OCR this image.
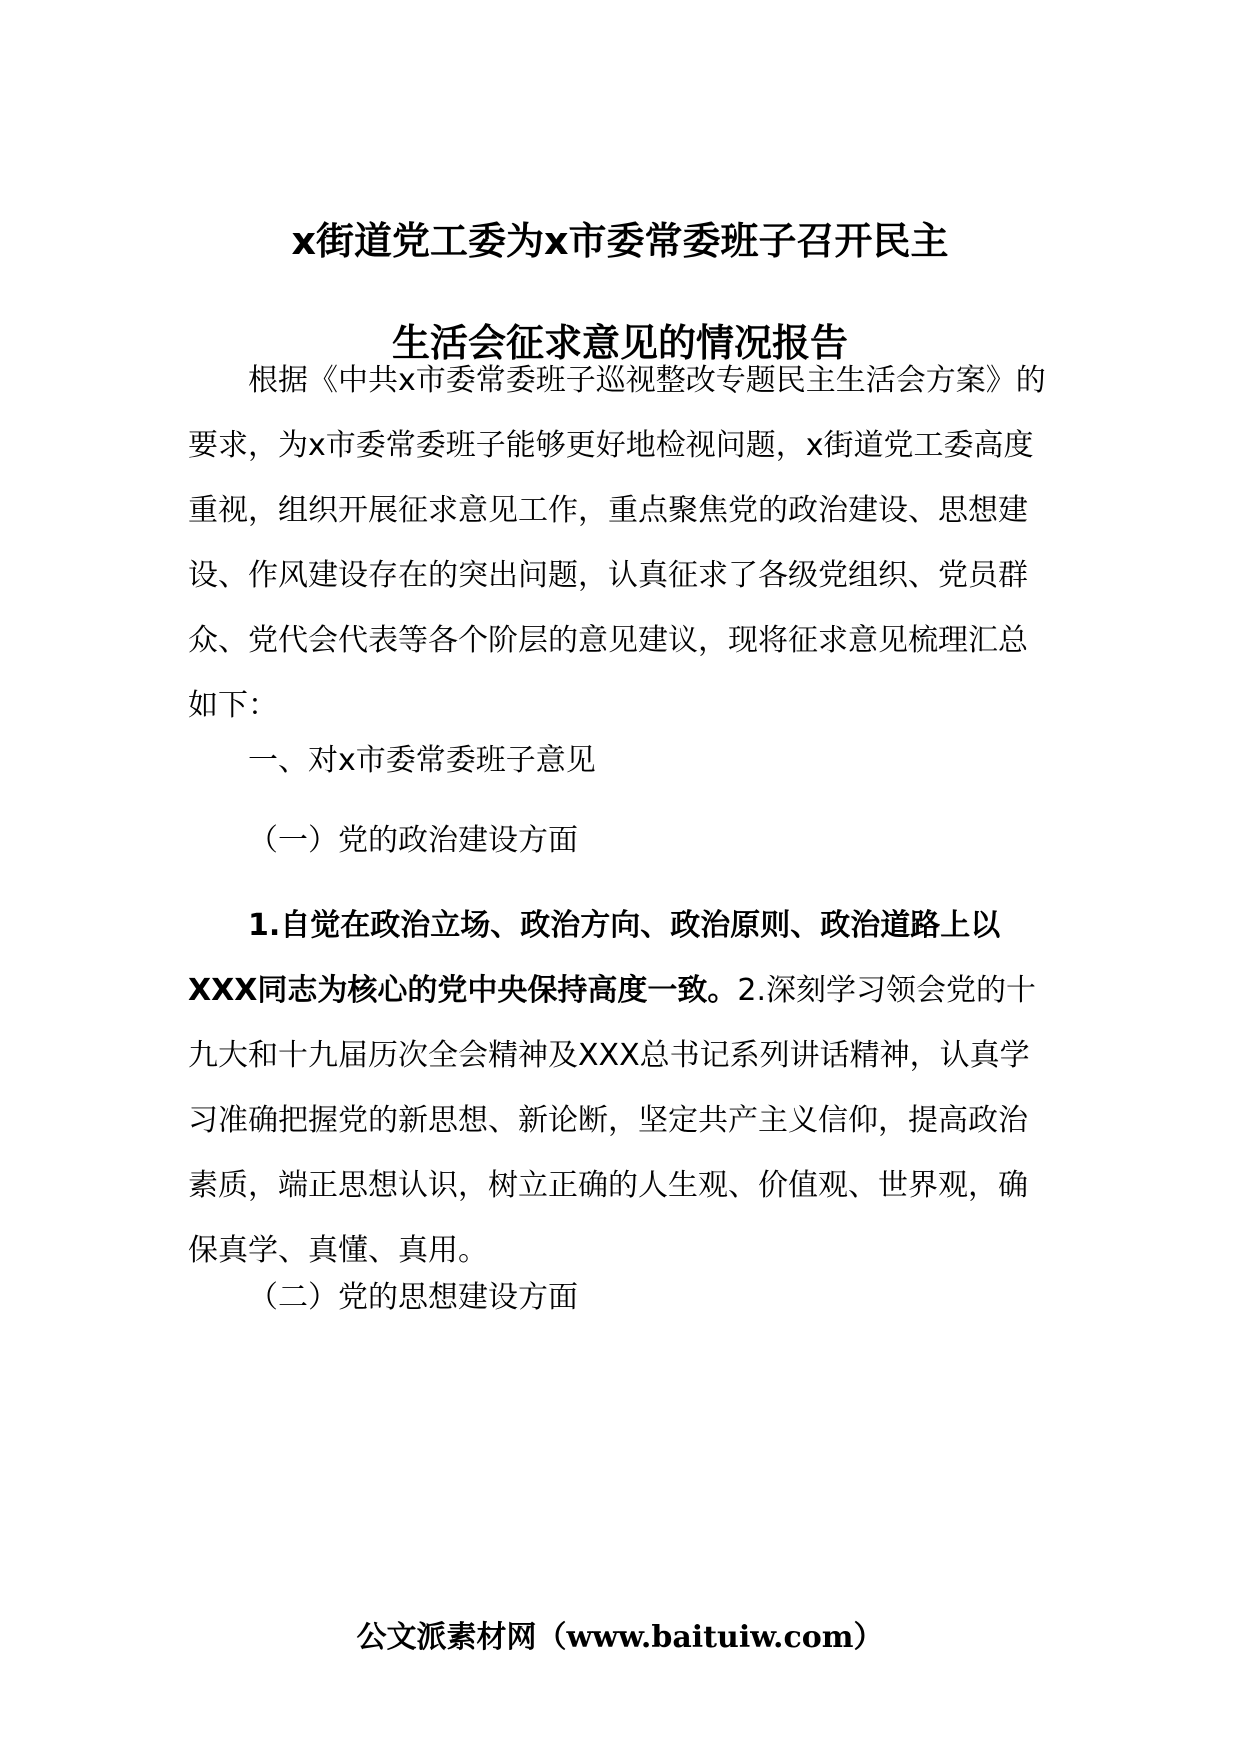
x街道党工委为x市委常委班子召开民主
生活会征求意见的情况报告

根据《中共x市委常委班子巡视整改专题民主生活会方案》的要求，为x市委常委班子能够更好地检视问题，x街道党工委高度重视，组织开展征求意见工作，重点聚焦党的政治建设、思想建设、作风建设存在的突出问题，认真征求了各级党组织、党员群众、党代会代表等各个阶层的意见建议，现将征求意见梳理汇总如下：

一、对x市委常委班子意见

（一）党的政治建设方面

1.自觉在政治立场、政治方向、政治原则、政治道路上以XXX同志为核心的党中央保持高度一致。2.深刻学习领会党的十九大和十九届历次全会精神及XXX总书记系列讲话精神，认真学习准确把握党的新思想、新论断，坚定共产主义信仰，提高政治素质，端正思想认识，树立正确的人生观、价值观、世界观，确保真学、真懂、真用。

（二）党的思想建设方面

公文派素材网（www.baituiw.com）
